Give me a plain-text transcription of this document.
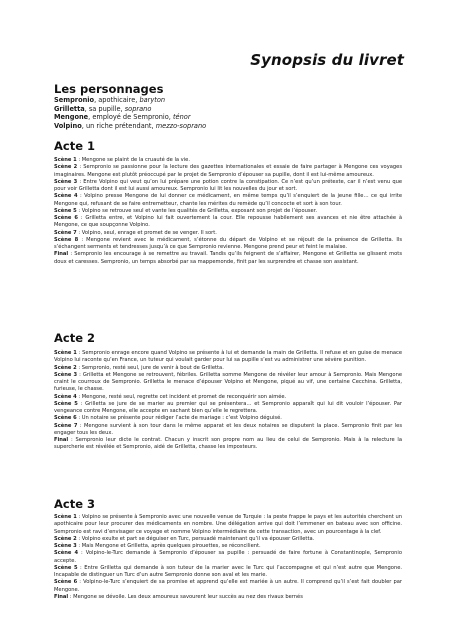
Synopsis du livret
Les personnages
Sempronio, apothicaire, baryton
Grilletta, sa pupille, soprano
Mengone, employé de Sempronio, ténor
Volpino, un riche prétendant, mezzo-soprano
Acte 1

Scène 1 : Mengone se plaint de la cruauté de la vie.

Scène 2 : Sempronio se passionne pour la lecture des gazettes internationales et essaie de faire partager à Mengone ces voyages imaginaires. Mengone est plutôt préoccupé par le projet de Sempronio d’épouser sa pupille, dont il est lui-même amoureux.

Scène 3 : Entre Volpino qui veut qu’on lui prépare une potion contre la constipation. Ce n’est qu’un prétexte, car il n’est venu que pour voir Grilletta dont il est lui aussi amoureux. Sempronio lui lit les nouvelles du jour et sort.

Scène 4 : Volpino presse Mengone de lui donner ce médicament, en même temps qu’il s’enquiert de la jeune fille… ce qui irrite Mengone qui, refusant de se faire entremetteur, chante les mérites du remède qu’il concocte et sort à son tour.

Scène 5 : Volpino se retrouve seul et vante les qualités de Grilletta, exposant son projet de l’épouser.

Scène 6 : Grilletta entre, et Volpino lui fait ouvertement la cour. Elle repousse habilement ses avances et nie être attachée à Mengone, ce que soupçonne Volpino.

Scène 7 : Volpino, seul, enrage et promet de se venger. Il sort.

Scène 8 : Mengone revient avec le médicament, s’étonne du départ de Volpino et se réjouit de la présence de Grilletta. Ils s’échangent serments et tendresses jusqu’à ce que Sempronio revienne. Mengone prend peur et feint le malaise.

Final : Sempronio les encourage à se remettre au travail. Tandis qu’ils feignent de s’affairer, Mengone et Grilletta se glissent mots doux et caresses. Sempronio, un temps absorbé par sa mappemonde, finit par les surprendre et chasse son assistant.

Acte 2

Scène 1 : Sempronio enrage encore quand Volpino se présente à lui et demande la main de Grilletta. Il refuse et en guise de menace Volpino lui raconte qu’en France, un tuteur qui voulait garder pour lui sa pupille s’est vu administrer une sévère punition.

Scène 2 : Sempronio, resté seul, jure de venir à bout de Grilletta.

Scène 3 : Grilletta et Mengone se retrouvent, fébriles. Grilletta somme Mengone de révéler leur amour à Sempronio. Mais Mengone craint le courroux de Sempronio. Grilletta le menace d’épouser Volpino et Mengone, piqué au vif, une certaine Cecchina. Grilletta, furieuse, le chasse.

Scène 4 : Mengone, resté seul, regrette cet incident et promet de reconquérir son aimée.

Scène 5 : Grilletta se jure de se marier au premier qui se présentera… et Sempronio apparaît qui lui dit vouloir l’épouser. Par vengeance contre Mengone, elle accepte en sachant bien qu’elle le regrettera.

Scène 6 : Un notaire se présente pour rédiger l’acte de mariage : c’est Volpino déguisé.

Scène 7 : Mengone survient à son tour dans le même apparat et les deux notaires se disputent la place. Sempronio finit par les engager tous les deux.

Final : Sempronio leur dicte le contrat. Chacun y inscrit son propre nom au lieu de celui de Sempronio. Mais à la relecture la supercherie est révélée et Sempronio, aidé de Grilletta, chasse les imposteurs.

Acte 3

Scène 1 : Volpino se présente à Sempronio avec une nouvelle venue de Turquie : la peste frappe le pays et les autorités cherchent un apothicaire pour leur procurer des médicaments en nombre. Une délégation arrive qui doit l’emmener en bateau avec son officine. Sempronio est ravi d’envisager ce voyage et nomme Volpino intermédiaire de cette transaction, avec un pourcentage à la clef.

Scène 2 : Volpino exulte et part se déguiser en Turc, persuadé maintenant qu’il va épouser Grilletta.

Scène 3 : Mais Mengone et Grilletta, après quelques pirouettes, se réconcilient.

Scène 4 : Volpino-le-Turc demande à Sempronio d’épouser sa pupille : persuadé de faire fortune à Constantinople, Sempronio accepte.

Scène 5 : Entre Grilletta qui demande à son tuteur de la marier avec le Turc qui l’accompagne et qui n’est autre que Mengone. Incapable de distinguer un Turc d’un autre Sempronio donne son aval et les marie.

Scène 6 : Volpino-le-Turc s’enquiert de sa promise et apprend qu’elle est mariée à un autre. Il comprend qu’il s’est fait doubler par Mengone.

Final : Mengone se dévoile. Les deux amoureux savourent leur succès au nez des rivaux bernés
